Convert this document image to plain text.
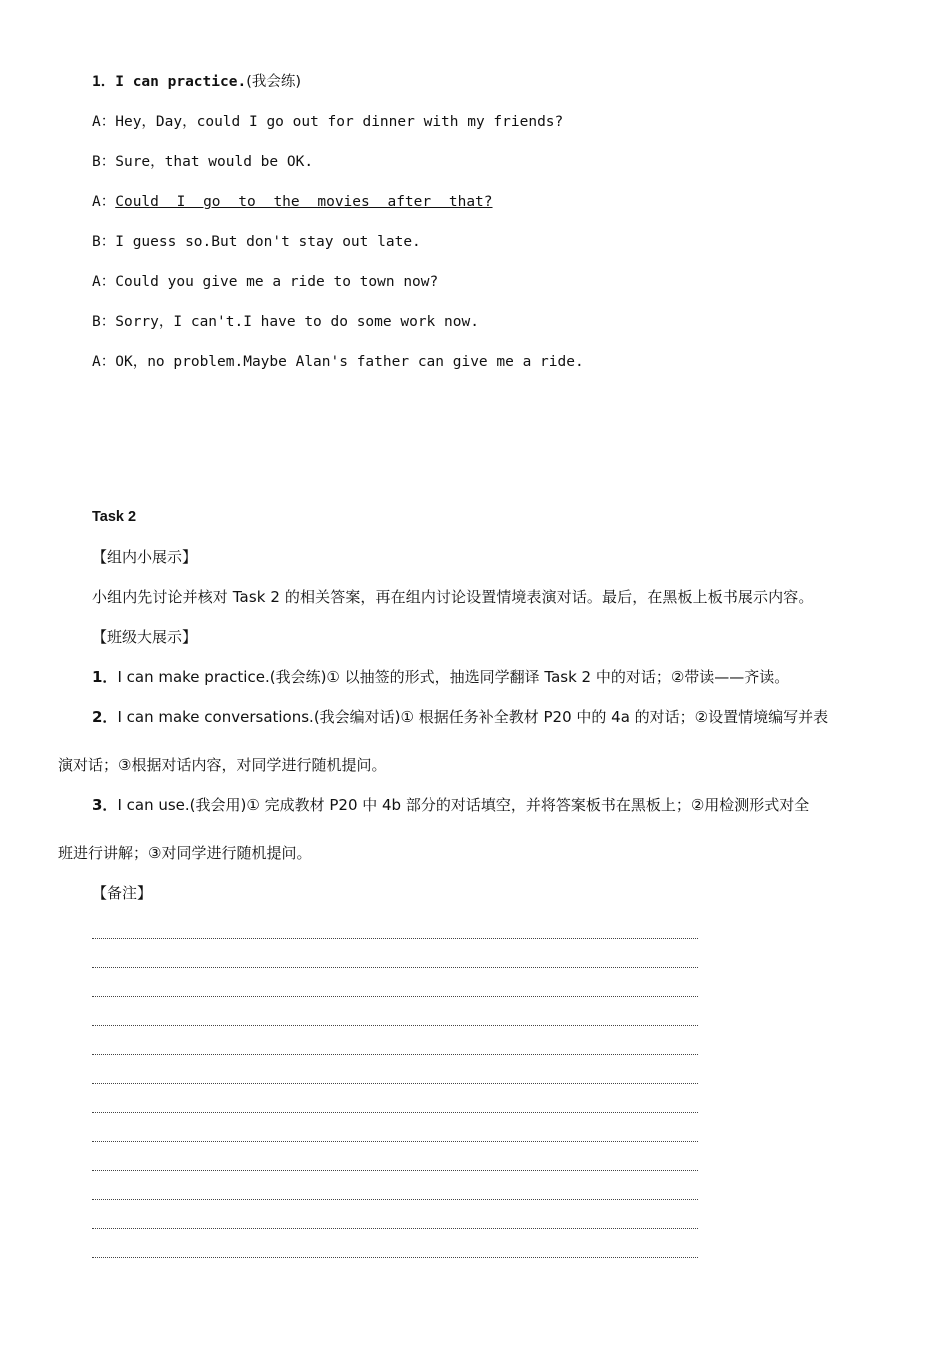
1．I can practice.(我会练)
A：Hey，Day，could I go out for dinner with my friends?
B：Sure，that would be OK.
A：Could I go to the movies after that?
B：I guess so.But don't stay out late.
A：Could you give me a ride to town now?
B：Sorry，I can't.I have to do some work now.
A：OK，no problem.Maybe Alan's father can give me a ride.
Task 2
【组内小展示】
小组内先讨论并核对 Task 2 的相关答案，再在组内讨论设置情境表演对话。最后，在黑板上板书展示内容。
【班级大展示】
1．I can make practice.(我会练)① 以抽签的形式，抽选同学翻译 Task 2 中的对话；②带读——齐读。
2．I can make conversations.(我会编对话)① 根据任务补全教材 P20 中的 4a 的对话；②设置情境编写并表
演对话；③根据对话内容，对同学进行随机提问。
3．I can use.(我会用)① 完成教材 P20 中 4b 部分的对话填空，并将答案板书在黑板上；②用检测形式对全
班进行讲解；③对同学进行随机提问。
【备注】
